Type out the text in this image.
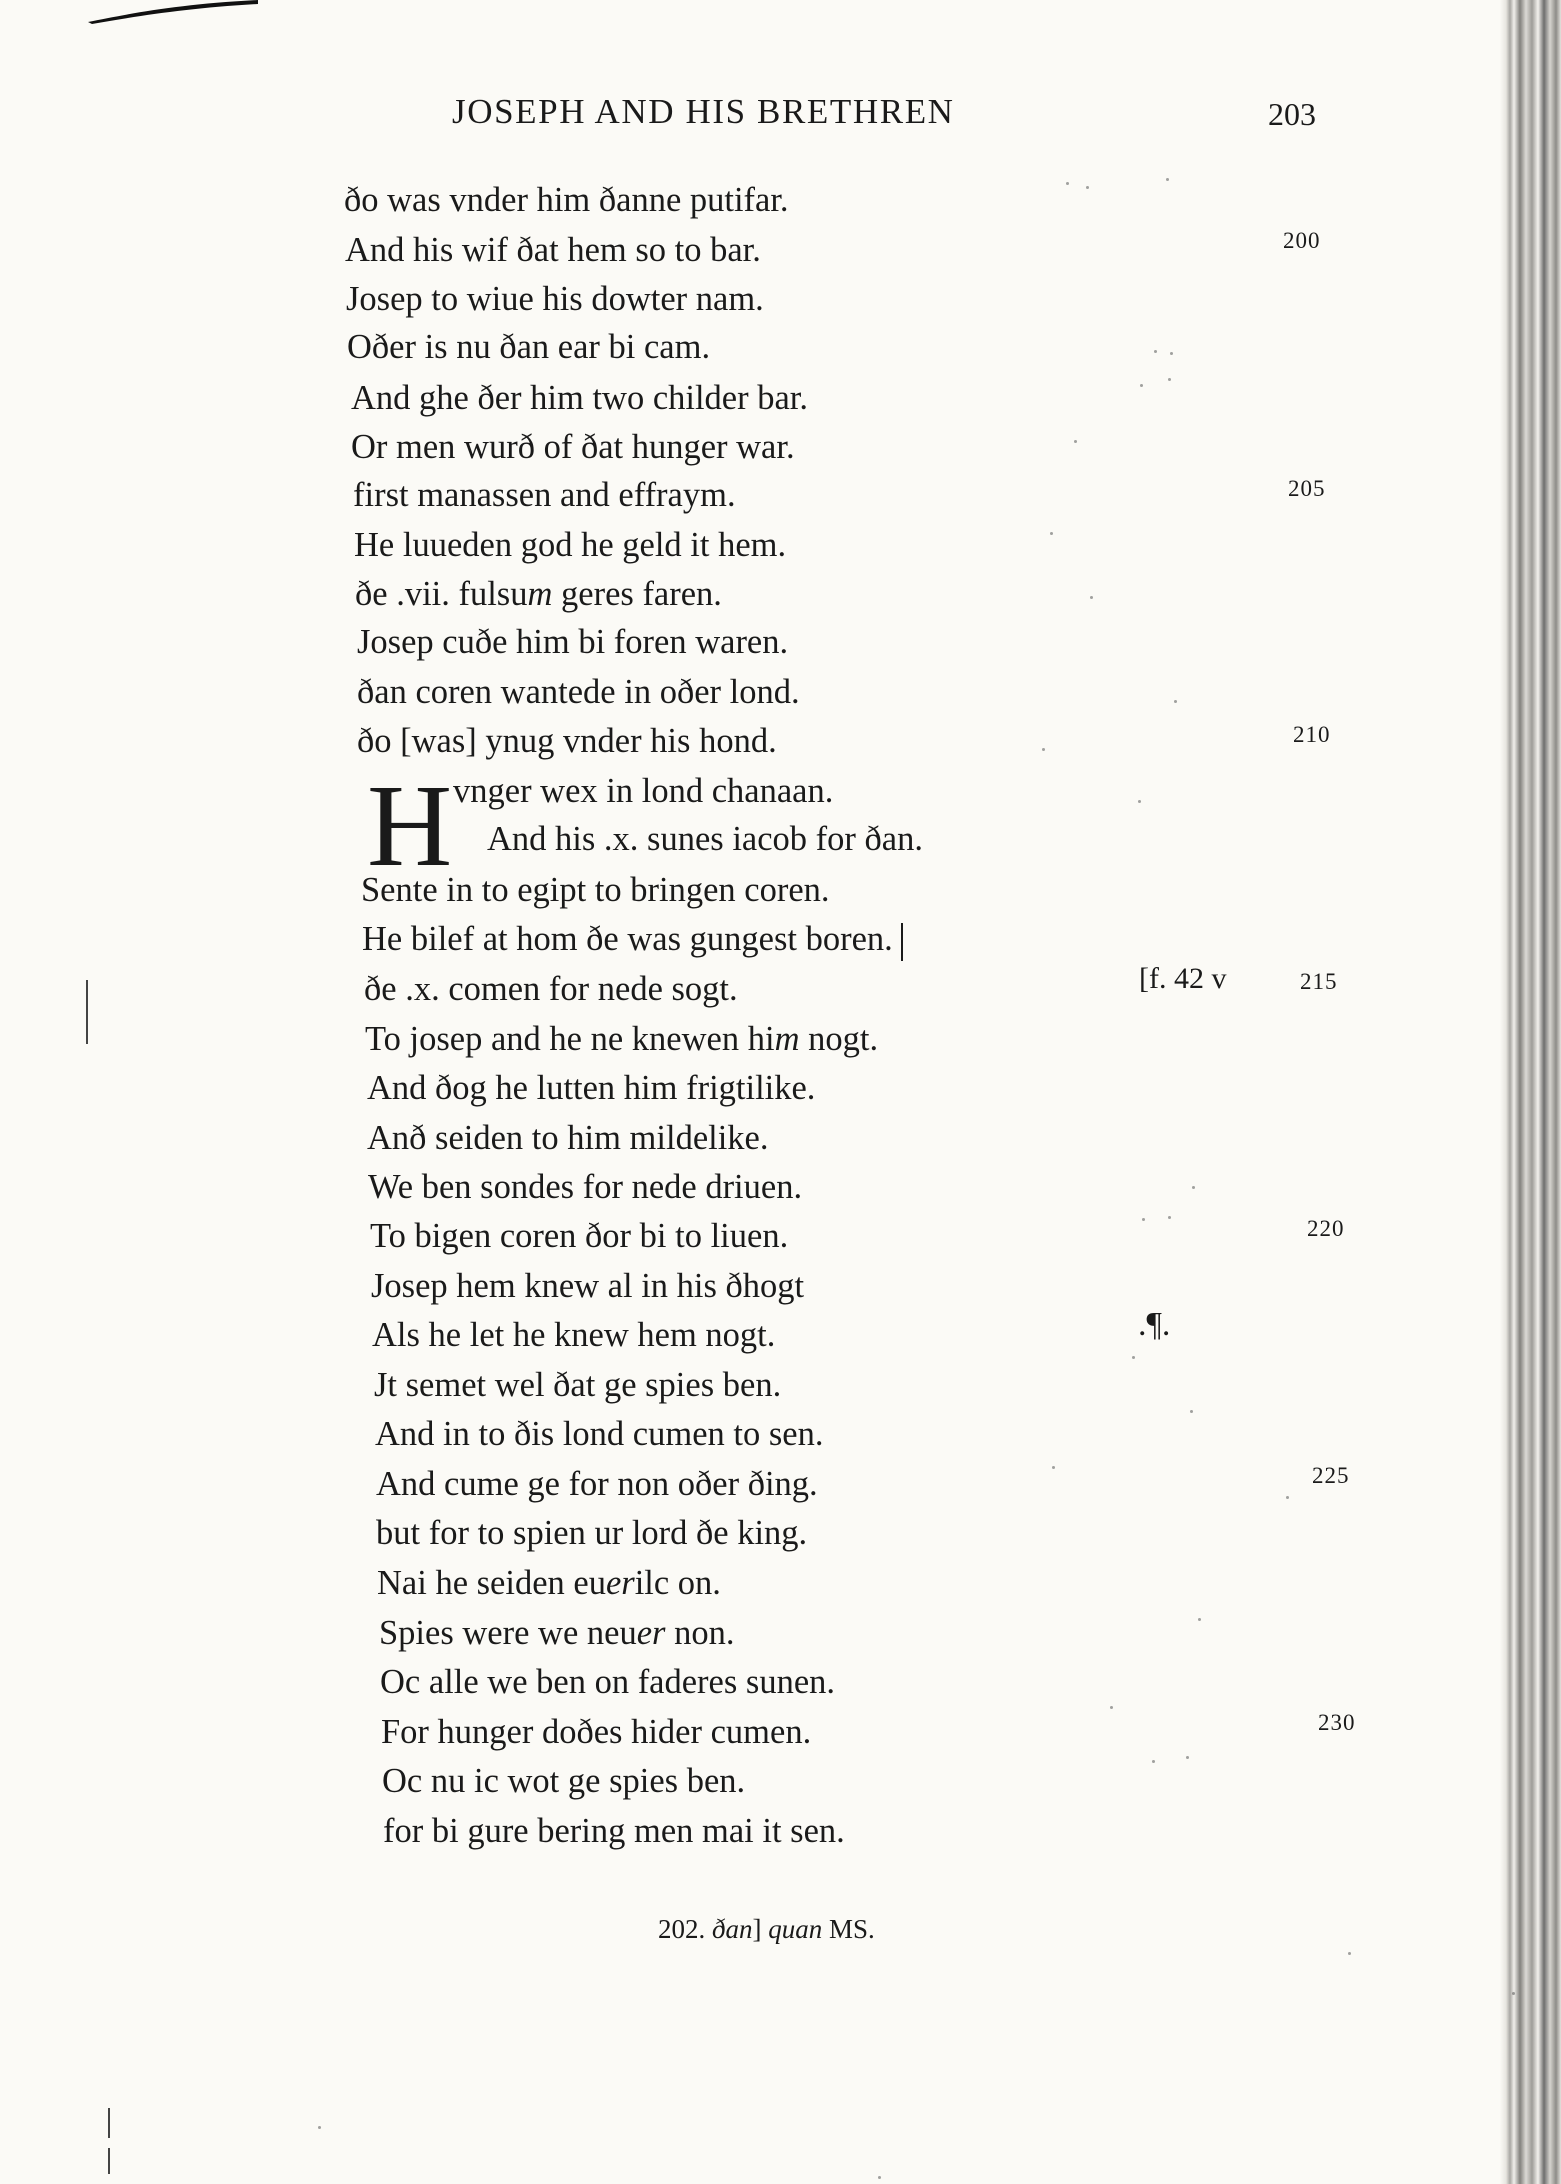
JOSEPH AND HIS BRETHREN	203
ðo was vnder him ðanne putifar.
And his wif ðat hem so to bar.
Josep to wiue his dowter nam.
Oðer is nu ðan ear bi cam.
And ghe ðer him two childer bar.
Or men wurð of ðat hunger war.
first manassen and effraym.
He luueden god he geld it hem.
ðe .vii. fulsum geres faren.
Josep cuðe him bi foren waren.
ðan coren wantede in oðer lond.
ðo [was] ynug vnder his hond.
H vnger wex in lond chanaan.
And his .x. sunes iacob for ðan.
Sente in to egipt to bringen coren.
He bilef at hom ðe was gungest boren.
ðe .x. comen for nede sogt.
To josep and he ne knewen him nogt.
And ðog he lutten him frigtilike.
Anð seiden to him mildelike.
We ben sondes for nede driuen.
To bigen coren ðor bi to liuen.
Josep hem knew al in his ðhogt
Als he let he knew hem nogt.
Jt semet wel ðat ge spies ben.
And in to ðis lond cumen to sen.
And cume ge for non oðer ðing.
but for to spien ur lord ðe king.
Nai he seiden euerilc on.
Spies were we neuer non.
Oc alle we ben on faderes sunen.
For hunger doðes hider cumen.
Oc nu ic wot ge spies ben.
for bi gure bering men mai it sen.
200
205
210
215
220
225
230
[f. 42 v
.¶.
202. ðan] quan MS.
